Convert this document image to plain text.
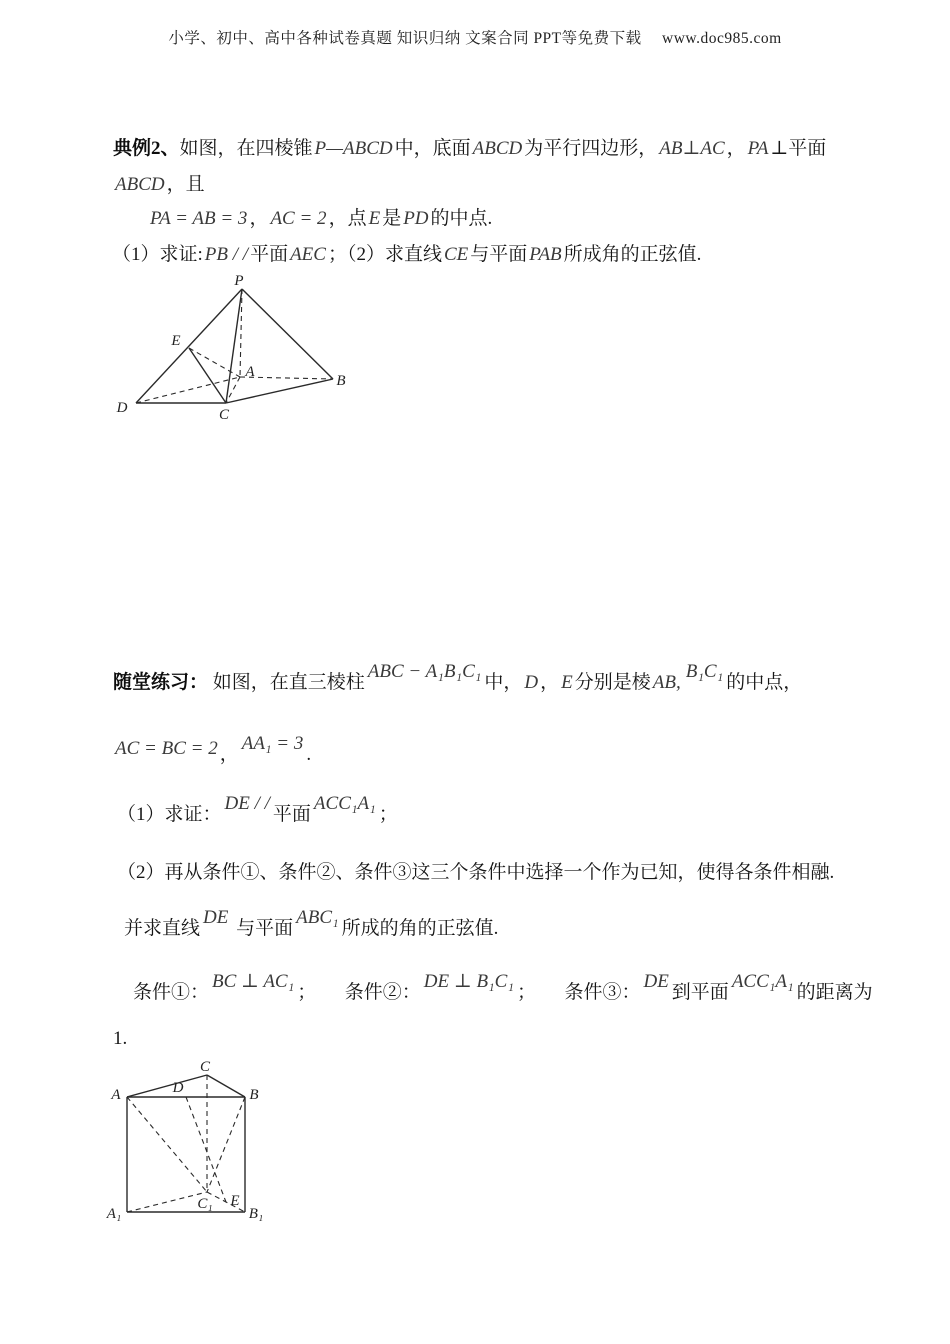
小学、初中、高中各种试卷真题 知识归纳 文案合同 PPT等免费下载　 www.doc985.com
典例2、如图，在四棱锥 P—ABCD 中，底面 ABCD 为平行四边形， AB⊥AC ， PA ⊥平面
ABCD ，且
PA = AB = 3 ， AC = 2 ，点 E 是 PD 的中点.
（1）求证: PB / / 平面 AEC ；（2）求直线 CE 与平面 PAB 所成角的正弦值.
P
E
A
B
C
D
随堂练习： 如图，在直三棱柱ABC − A₁B₁C₁中， D ， E 分别是棱 AB,B₁C₁的中点，
AC = BC = 2 ，AA₁ = 3.
（1）求证：DE / /平面ACC₁A₁；
（2）再从条件①、条件②、条件③这三个条件中选择一个作为已知，使得各条件相融.
并求直线DE 与平面ABC₁所成的角的正弦值.
条件①：BC ⊥ AC₁；　　条件②：DE ⊥ B₁C₁；　　条件③：DE到平面ACC₁A₁的距离为
1.
C
A	B
D
A₁	B₁
C₁ E
